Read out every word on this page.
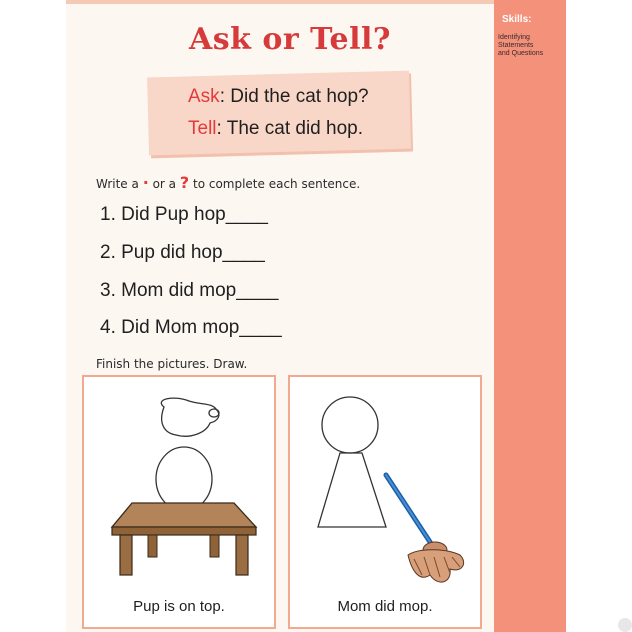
Skills:
Identifying
Statements
and Questions
Ask or Tell?
Ask: Did the cat hop?
Tell: The cat did hop.
Write a · or a ? to complete each sentence.
1. Did Pup hop____
2. Pup did hop____
3. Mom did mop____
4. Did Mom mop____
Finish the pictures. Draw.
Pup is on top.	Mom did mop.
